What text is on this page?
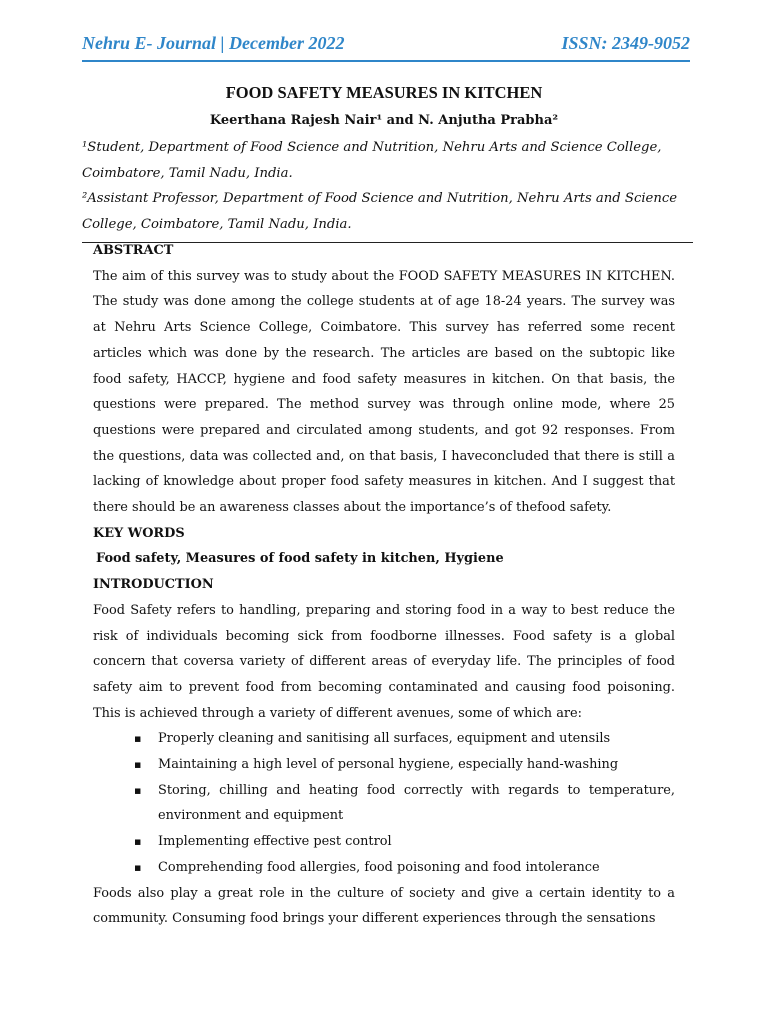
Nehru E- Journal | December 2022	ISSN: 2349-9052
FOOD SAFETY MEASURES IN KITCHEN
Keerthana Rajesh Nair¹ and N. Anjutha Prabha²
¹Student, Department of Food Science and Nutrition, Nehru Arts and Science College, Coimbatore, Tamil Nadu, India.
²Assistant Professor, Department of Food Science and Nutrition, Nehru Arts and Science College, Coimbatore, Tamil Nadu, India.

ABSTRACT

The aim of this survey was to study about the FOOD SAFETY MEASURES IN KITCHEN. The study was done among the college students at of age 18-24 years. The survey was at Nehru Arts Science College, Coimbatore. This survey has referred some recent articles which was done by the research. The articles are based on the subtopic like food safety, HACCP, hygiene and food safety measures in kitchen. On that basis, the questions were prepared. The method survey was through online mode, where 25 questions were prepared and circulated among students, and got 92 responses. From the questions, data was collected and, on that basis, I haveconcluded that there is still a lacking of knowledge about proper food safety measures in kitchen. And I suggest that there should be an awareness classes about the importance’s of thefood safety.

KEY WORDS

Food safety, Measures of food safety in kitchen, Hygiene

INTRODUCTION

Food Safety refers to handling, preparing and storing food in a way to best reduce the risk of individuals becoming sick from foodborne illnesses. Food safety is a global concern that coversa variety of different areas of everyday life. The principles of food safety aim to prevent food from becoming contaminated and causing food poisoning. This is achieved through a variety of different avenues, some of which are:

▪ Properly cleaning and sanitising all surfaces, equipment and utensils
▪ Maintaining a high level of personal hygiene, especially hand-washing
▪ Storing, chilling and heating food correctly with regards to temperature, environment and equipment
▪ Implementing effective pest control
▪ Comprehending food allergies, food poisoning and food intolerance

Foods also play a great role in the culture of society and give a certain identity to a community. Consuming food brings your different experiences through the sensations
